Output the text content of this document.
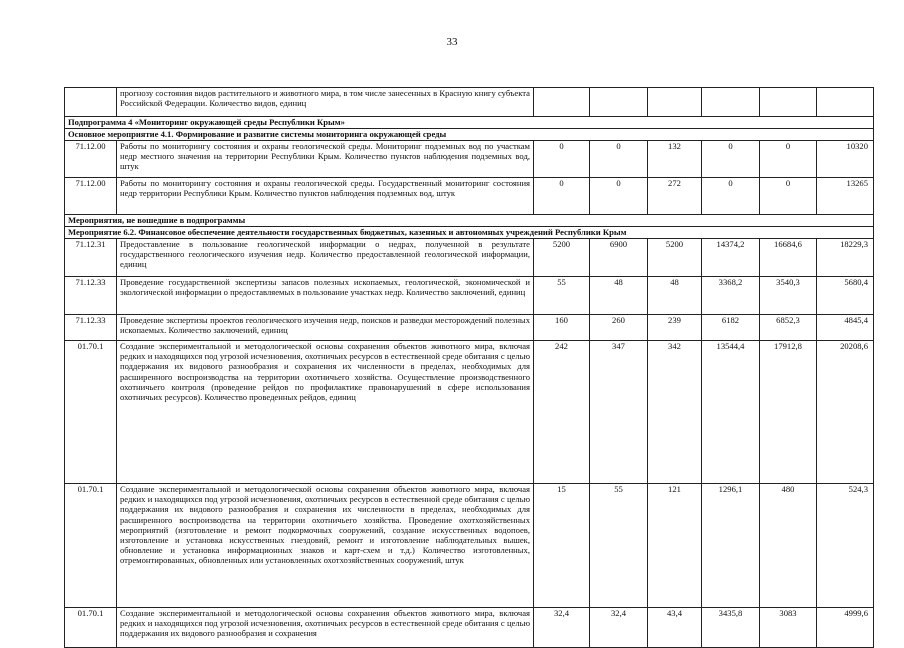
33
	прогнозу состояния видов растительного и животного мира, в том числе занесенных в Красную книгу субъекта Российской Федерации. Количество видов, единиц						
Подпрограмма 4 «Мониторинг окружающей среды Республики Крым»							
Основное мероприятие 4.1. Формирование и развитие системы мониторинга окружающей среды							
71.12.00	Работы по мониторингу состояния и охраны геологической среды. Мониторинг подземных вод по участкам недр местного значения на территории Республики Крым. Количество пунктов наблюдения подземных вод, штук	0	0	132	0	0	10320
71.12.00	Работы по мониторингу состояния и охраны геологической среды. Государственный мониторинг состояния недр территории Республики Крым. Количество пунктов наблюдения подземных вод, штук	0	0	272	0	0	13265
Мероприятия, не вошедшие в подпрограммы							
Мероприятие 6.2. Финансовое обеспечение деятельности государственных бюджетных, казенных и автономных учреждений Республики Крым							
71.12.31	Предоставление в пользование геологической информации о недрах, полученной в результате государственного геологического изучения недр. Количество предоставленной геологической информации, единиц	5200	6900	5200	14374,2	16684,6	18229,3
71.12.33	Проведение государственной экспертизы запасов полезных ископаемых, геологической, экономической и экологической информации о предоставляемых в пользование участках недр. Количество заключений, единиц	55	48	48	3368,2	3540,3	5680,4
71.12.33	Проведение экспертизы проектов геологического изучения недр, поисков и разведки месторождений полезных ископаемых. Количество заключений, единиц	160	260	239	6182	6852,3	4845,4
01.70.1	Создание экспериментальной и методологической основы сохранения объектов животного мира, включая редких и находящихся под угрозой исчезновения, охотничьих ресурсов в естественной среде обитания с целью поддержания их видового разнообразия и сохранения их численности в пределах, необходимых для расширенного воспроизводства на территории охотничьего хозяйства. Осуществление производственного охотничьего контроля (проведение рейдов по профилактике правонарушений в сфере использования охотничьих ресурсов). Количество проведенных рейдов, единиц	242	347	342	13544,4	17912,8	20208,6
01.70.1	Создание экспериментальной и методологической основы сохранения объектов животного мира, включая редких и находящихся под угрозой исчезновения, охотничьих ресурсов в естественной среде обитания с целью поддержания их видового разнообразия и сохранения их численности в пределах, необходимых для расширенного воспроизводства на территории охотничьего хозяйства. Проведение охотхозяйственных мероприятий (изготовление и ремонт подкормочных сооружений, создание искусственных водопоев, изготовление и установка искусственных гнездовий, ремонт и изготовление наблюдательных вышек, обновление и установка информационных знаков и карт-схем и т.д.) Количество изготовленных, отремонтированных, обновленных или установленных охотхозяйственных сооружений, штук	15	55	121	1296,1	480	524,3
01.70.1	Создание экспериментальной и методологической основы сохранения объектов животного мира, включая редких и находящихся под угрозой исчезновения, охотничьих ресурсов в естественной среде обитания с целью поддержания их видового разнообразия и сохранения	32,4	32,4	43,4	3435,8	3083	4999,6
